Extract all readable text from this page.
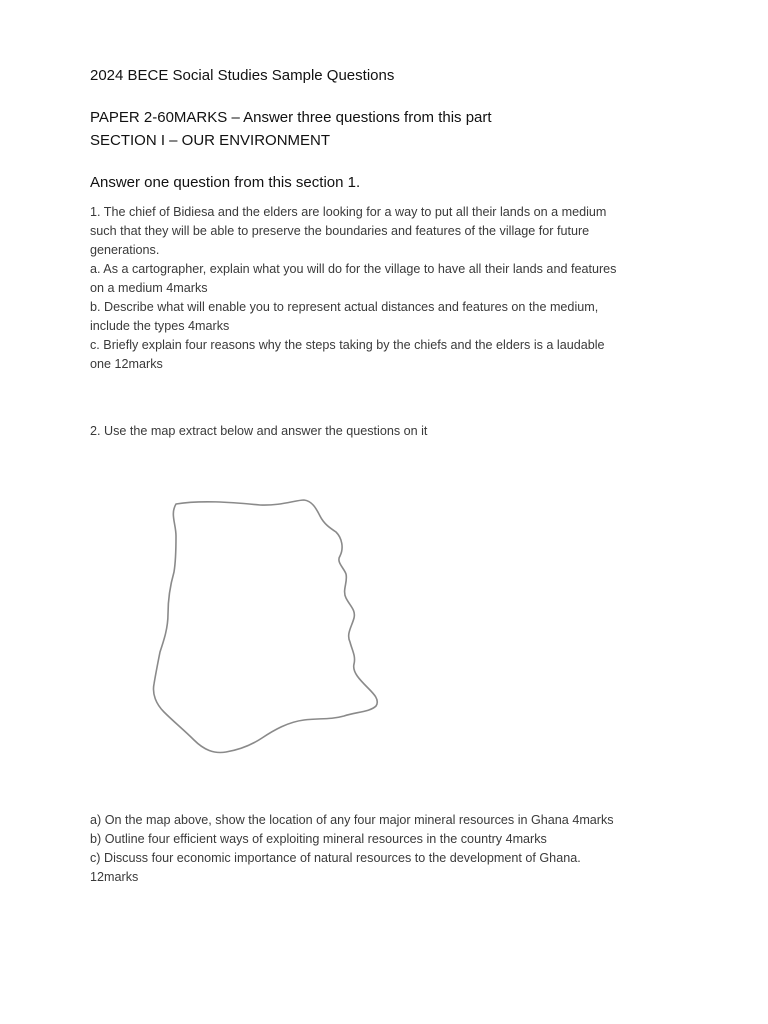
2024 BECE Social Studies Sample Questions
PAPER 2-60MARKS – Answer three questions from this part
SECTION I – OUR ENVIRONMENT
Answer one question from this section 1.
1. The chief of Bidiesa and the elders are looking for a way to put all their lands on a medium
such that they will be able to preserve the boundaries and features of the village for future
generations.
a. As a cartographer, explain what you will do for the village to have all their lands and features
on a medium 4marks
b. Describe what will enable you to represent actual distances and features on the medium,
include the types 4marks
c. Briefly explain four reasons why the steps taking by the chiefs and the elders is a laudable
one 12marks
2. Use the map extract below and answer the questions on it
a) On the map above, show the location of any four major mineral resources in Ghana 4marks
b) Outline four efficient ways of exploiting mineral resources in the country 4marks
c) Discuss four economic importance of natural resources to the development of Ghana.
12marks
